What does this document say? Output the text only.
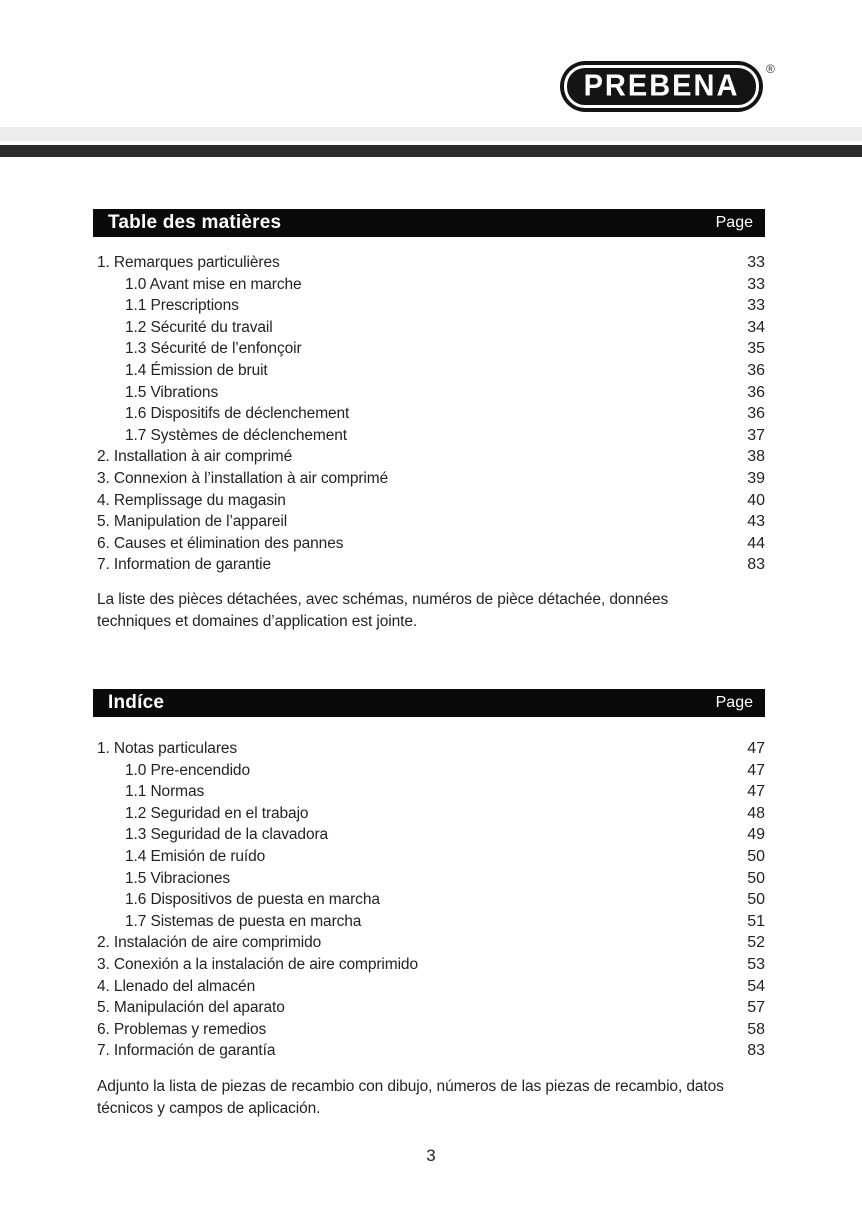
PREBENA
®
Table des matières	Page
1. Remarques particulières	33
1.0 Avant mise en marche	33
1.1 Prescriptions	33
1.2 Sécurité du travail	34
1.3 Sécurité de l’enfonçoir	35
1.4 Émission de bruit	36
1.5 Vibrations	36
1.6 Dispositifs de déclenchement	36
1.7 Systèmes de déclenchement	37
2. Installation à air comprimé	38
3. Connexion à l’installation à air comprimé	39
4. Remplissage du magasin	40
5. Manipulation de l’appareil	43
6. Causes et élimination des pannes	44
7. Information de garantie	83

La liste des pièces détachées, avec schémas, numéros de pièce détachée, données techniques et domaines d’application est jointe.

Indíce	Page
1. Notas particulares	47
1.0 Pre-encendido	47
1.1 Normas	47
1.2 Seguridad en el trabajo	48
1.3 Seguridad de la clavadora	49
1.4 Emisión de ruído	50
1.5 Vibraciones	50
1.6 Dispositivos de puesta en marcha	50
1.7 Sistemas de puesta en marcha	51
2. Instalación de aire comprimido	52
3. Conexión a la instalación de aire comprimido	53
4. Llenado del almacén	54
5. Manipulación del aparato	57
6. Problemas y remedios	58
7. Información de garantía	83

Adjunto la lista de piezas de recambio con dibujo, números de las piezas de recambio, datos técnicos y campos de aplicación.

3
